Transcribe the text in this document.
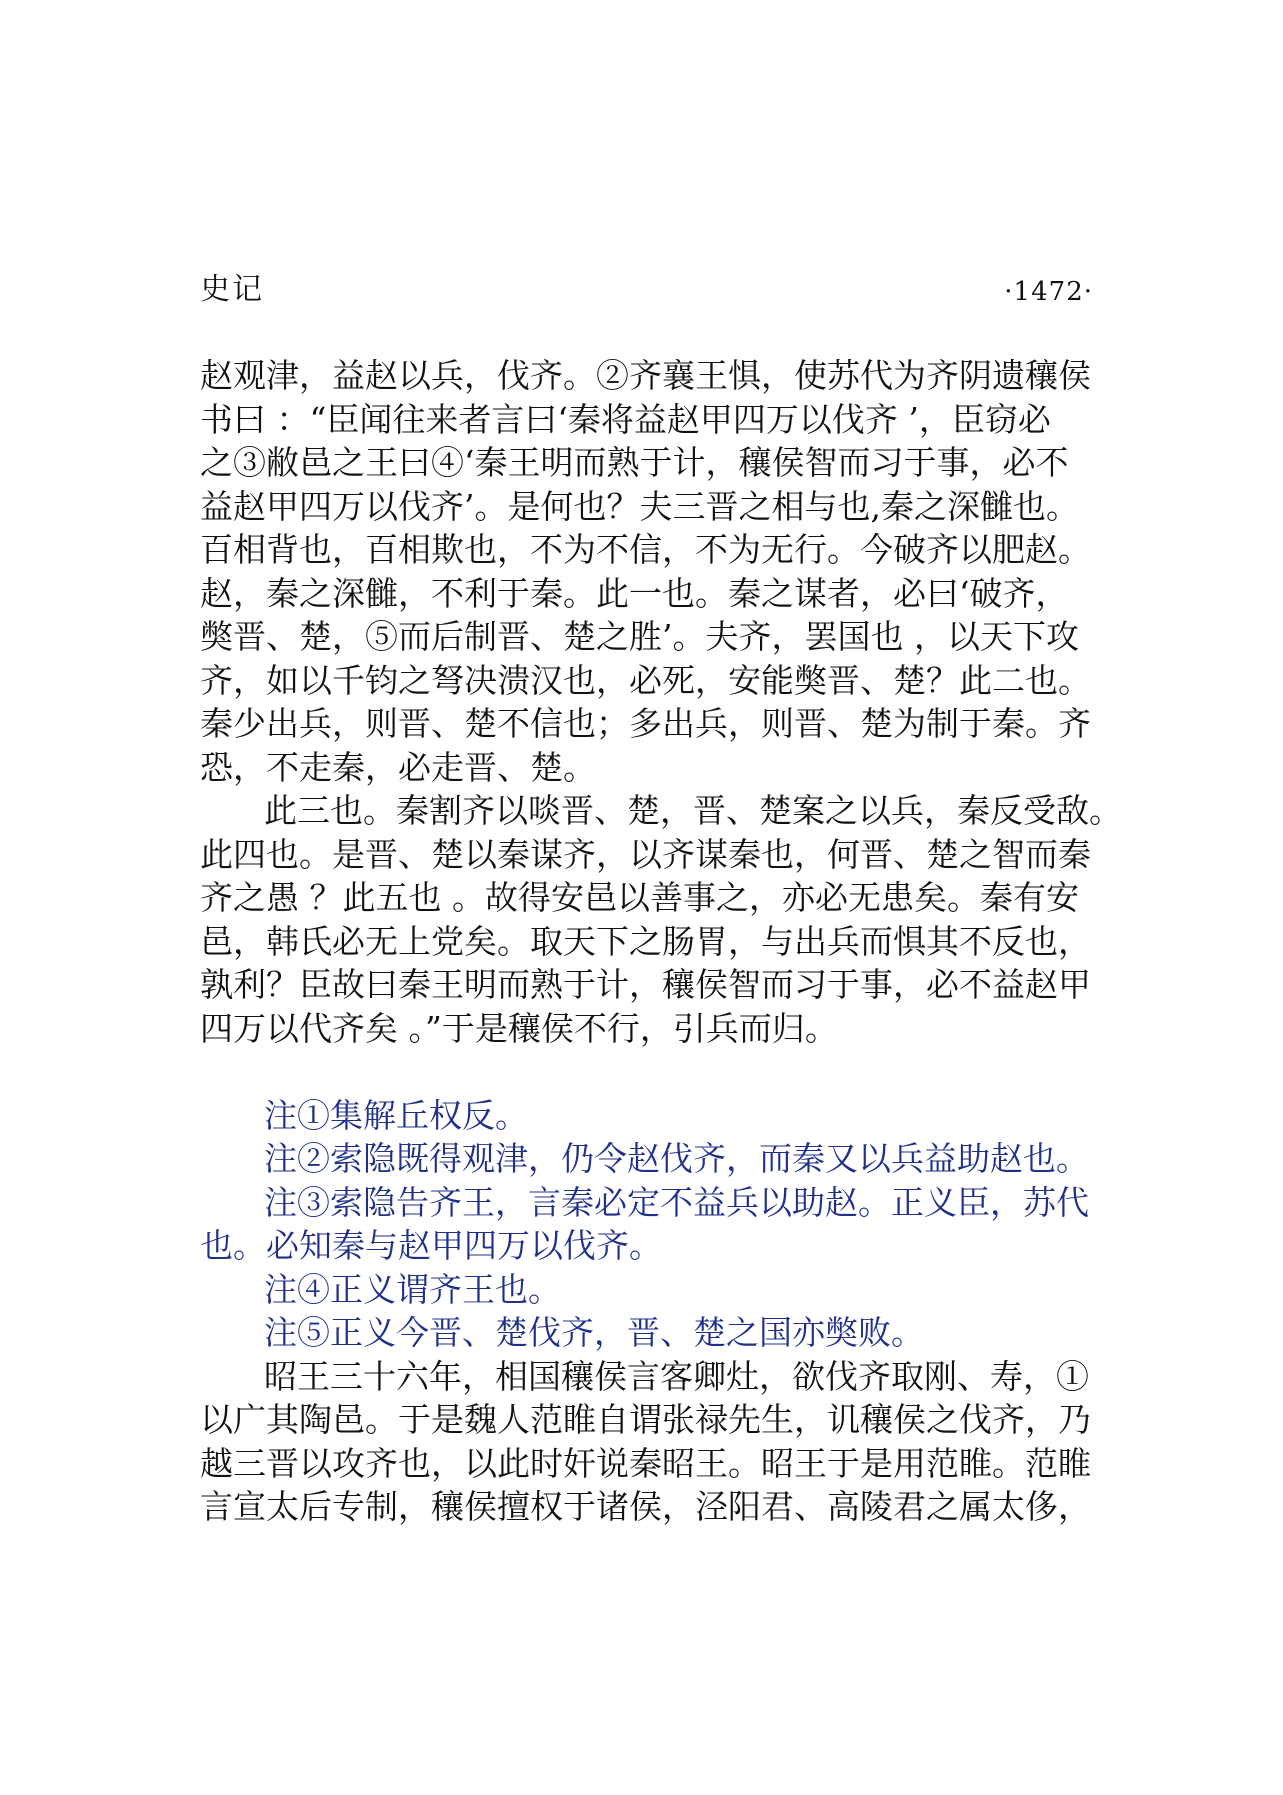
史记	·1472·
赵观津，益赵以兵，伐齐。②齐襄王惧，使苏代为齐阴遗穰侯
书曰 ：“臣闻往来者言曰‘秦将益赵甲四万以伐齐 ’，臣窃必
之③敝邑之王曰④‘秦王明而熟于计，穰侯智而习于事，必不
益赵甲四万以伐齐’。是何也？夫三晋之相与也,秦之深雠也。
百相背也，百相欺也，不为不信，不为无行。今破齐以肥赵。
赵，秦之深雠，不利于秦。此一也。秦之谋者，必曰‘破齐，
獘晋、楚，⑤而后制晋、楚之胜’。夫齐，罢国也 ，以天下攻
齐，如以千钧之弩决溃汉也，必死，安能獘晋、楚？此二也。
秦少出兵，则晋、楚不信也；多出兵，则晋、楚为制于秦。齐
恐，不走秦，必走晋、楚。
此三也。秦割齐以啖晋、楚，晋、楚案之以兵，秦反受敌。
此四也。是晋、楚以秦谋齐，以齐谋秦也，何晋、楚之智而秦
齐之愚 ？此五也 。故得安邑以善事之，亦必无患矣。秦有安
邑，韩氏必无上党矣。取天下之肠胃，与出兵而惧其不反也，
孰利？臣故曰秦王明而熟于计，穰侯智而习于事，必不益赵甲
四万以代齐矣 。”于是穰侯不行，引兵而归。
注①集解丘权反。
注②索隐既得观津，仍令赵伐齐，而秦又以兵益助赵也。
注③索隐告齐王，言秦必定不益兵以助赵。正义臣，苏代
也。必知秦与赵甲四万以伐齐。
注④正义谓齐王也。
注⑤正义今晋、楚伐齐，晋、楚之国亦獘败。
昭王三十六年，相国穰侯言客卿灶，欲伐齐取刚、寿，①
以广其陶邑。于是魏人范睢自谓张禄先生，讥穰侯之伐齐，乃
越三晋以攻齐也，以此时奸说秦昭王。昭王于是用范睢。范睢
言宣太后专制，穰侯擅权于诸侯，泾阳君、高陵君之属太侈，
